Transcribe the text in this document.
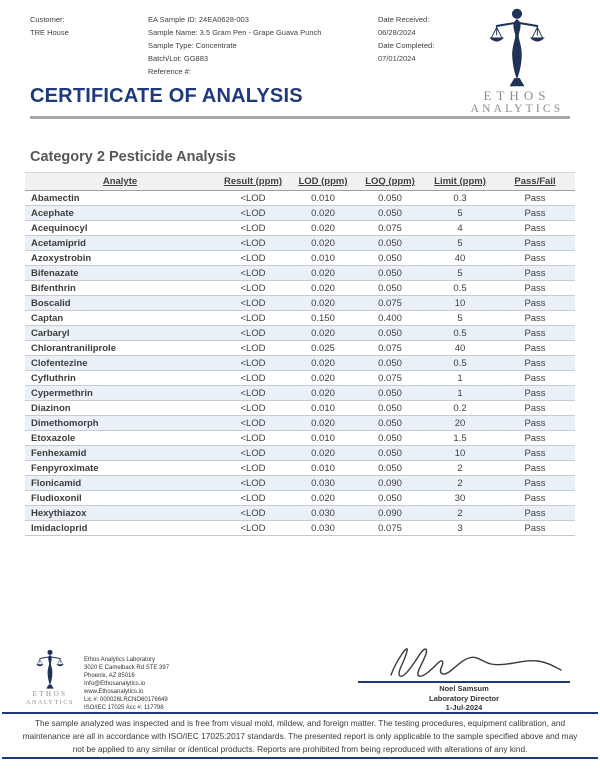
Customer:
TRE House
EA Sample ID: 24EA0628-003
Sample Name: 3.5 Gram Pen - Grape Guava Punch
Sample Type: Concentrate
Batch/Lot: GG883
Reference #:
Date Received:
06/28/2024
Date Completed:
07/01/2024
ETHOS
ANALYTICS
CERTIFICATE OF ANALYSIS
Category 2 Pesticide Analysis
Analyte	Result (ppm)	LOD (ppm)	LOQ (ppm)	Limit (ppm)	Pass/Fail
Abamectin	<LOD	0.010	0.050	0.3	Pass
Acephate	<LOD	0.020	0.050	5	Pass
Acequinocyl	<LOD	0.020	0.075	4	Pass
Acetamiprid	<LOD	0.020	0.050	5	Pass
Azoxystrobin	<LOD	0.010	0.050	40	Pass
Bifenazate	<LOD	0.020	0.050	5	Pass
Bifenthrin	<LOD	0.020	0.050	0.5	Pass
Boscalid	<LOD	0.020	0.075	10	Pass
Captan	<LOD	0.150	0.400	5	Pass
Carbaryl	<LOD	0.020	0.050	0.5	Pass
Chlorantraniliprole	<LOD	0.025	0.075	40	Pass
Clofentezine	<LOD	0.020	0.050	0.5	Pass
Cyfluthrin	<LOD	0.020	0.075	1	Pass
Cypermethrin	<LOD	0.020	0.050	1	Pass
Diazinon	<LOD	0.010	0.050	0.2	Pass
Dimethomorph	<LOD	0.020	0.050	20	Pass
Etoxazole	<LOD	0.010	0.050	1.5	Pass
Fenhexamid	<LOD	0.020	0.050	10	Pass
Fenpyroximate	<LOD	0.010	0.050	2	Pass
Flonicamid	<LOD	0.030	0.090	2	Pass
Fludioxonil	<LOD	0.020	0.050	30	Pass
Hexythiazox	<LOD	0.030	0.090	2	Pass
Imidacloprid	<LOD	0.030	0.075	3	Pass
ETHOS
ANALYTICS
Ethos Analytics Laboratory
3020 E Camelback Rd STE 397
Phoenix, AZ 85016
Info@Ethosanalytics.io
www.Ethosanalytics.io
Lic #: 000026LRCNO60176649
ISO/IEC 17025 Acc #: 117798
Noel Samsum
Laboratory Director
1-Jul-2024
The sample analyzed was inspected and is free from visual mold, mildew, and foreign matter. The testing procedures, equipment calibration, and maintenance are all in accordance with ISO/IEC 17025:2017 standards. The presented report is only applicable to the sample specified above and may not be applied to any similar or identical products. Reports are prohibited from being reproduced with alterations of any kind.
